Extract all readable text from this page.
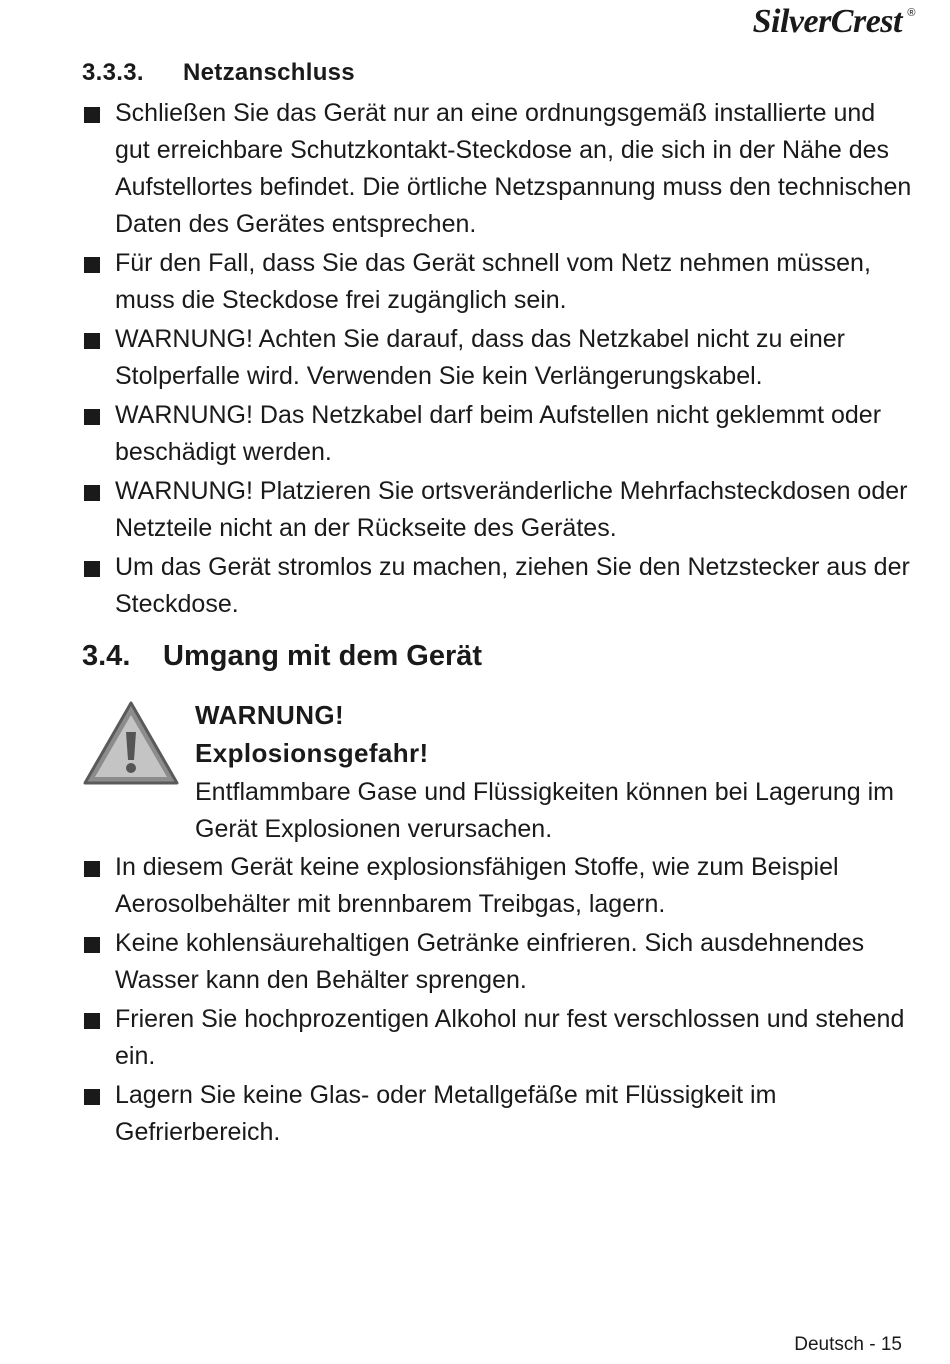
SilverCrest ®
3.3.3. Netzanschluss
Schließen Sie das Gerät nur an eine ordnungsgemäß installierte und gut erreichbare Schutzkontakt-Steckdose an, die sich in der Nähe des Aufstellortes befindet. Die örtliche Netzspannung muss den technischen Daten des Gerätes entsprechen.
Für den Fall, dass Sie das Gerät schnell vom Netz nehmen müssen, muss die Steckdose frei zugänglich sein.
WARNUNG! Achten Sie darauf, dass das Netzkabel nicht zu einer Stolperfalle wird. Verwenden Sie kein Verlängerungskabel.
WARNUNG! Das Netzkabel darf beim Aufstellen nicht geklemmt oder beschädigt werden.
WARNUNG! Platzieren Sie ortsveränderliche Mehrfachsteckdosen oder Netzteile nicht an der Rückseite des Gerätes.
Um das Gerät stromlos zu machen, ziehen Sie den Netzstecker aus der Steckdose.
3.4. Umgang mit dem Gerät
WARNUNG!
Explosionsgefahr!
Entflammbare Gase und Flüssigkeiten können bei Lagerung im Gerät Explosionen verursachen.
In diesem Gerät keine explosionsfähigen Stoffe, wie zum Beispiel Aerosolbehälter mit brennbarem Treibgas, lagern.
Keine kohlensäurehaltigen Getränke einfrieren. Sich ausdehnendes Wasser kann den Behälter sprengen.
Frieren Sie hochprozentigen Alkohol nur fest verschlossen und stehend ein.
Lagern Sie keine Glas- oder Metallgefäße mit Flüssigkeit im Gefrierbereich.
Deutsch - 15
